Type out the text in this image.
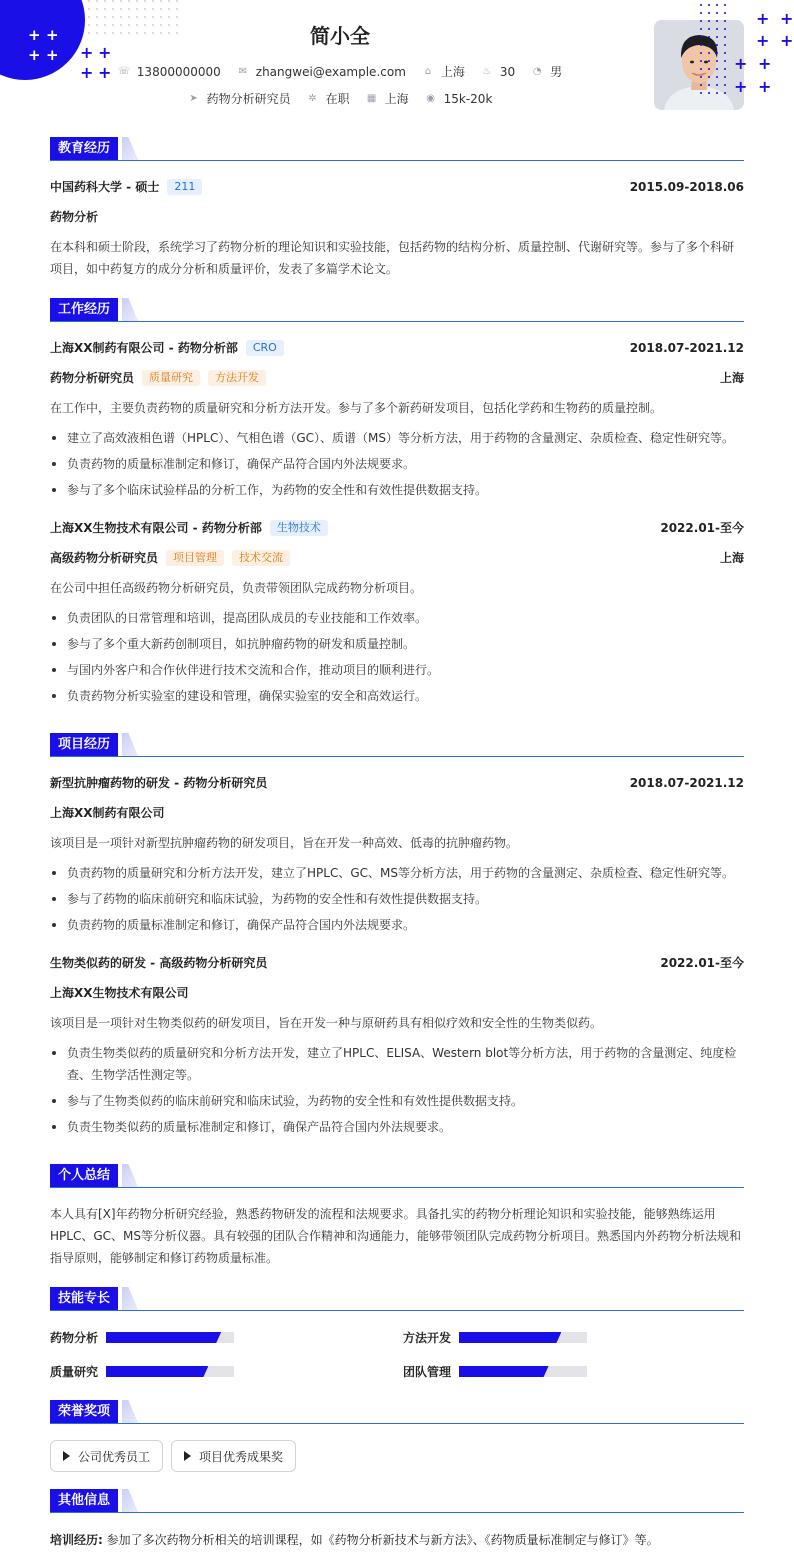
+ +
+ + + +
+ +
简小全
☏ 13800000000 ✉ zhangwei@example.com ⌂ 上海 ♨ 30 ◔ 男
➤ 药物分析研究员 ✲ 在职 ▦ 上海 ◉ 15k-20k
+ +
+ +
+ +
+ +
教育经历
中国药科大学 - 硕士 211	2015.09-2018.06
药物分析
在本科和硕士阶段，系统学习了药物分析的理论知识和实验技能，包括药物的结构分析、质量控制、代谢研究等。参与了多个科研项目，如中药复方的成分分析和质量评价，发表了多篇学术论文。
工作经历
上海XX制药有限公司 - 药物分析部 CRO	2018.07-2021.12
药物分析研究员 质量研究 方法开发	上海
在工作中，主要负责药物的质量研究和分析方法开发。参与了多个新药研发项目，包括化学药和生物药的质量控制。
建立了高效液相色谱（HPLC）、气相色谱（GC）、质谱（MS）等分析方法，用于药物的含量测定、杂质检查、稳定性研究等。
负责药物的质量标准制定和修订，确保产品符合国内外法规要求。
参与了多个临床试验样品的分析工作，为药物的安全性和有效性提供数据支持。
上海XX生物技术有限公司 - 药物分析部 生物技术	2022.01-至今
高级药物分析研究员 项目管理 技术交流	上海
在公司中担任高级药物分析研究员，负责带领团队完成药物分析项目。
负责团队的日常管理和培训，提高团队成员的专业技能和工作效率。
参与了多个重大新药创制项目，如抗肿瘤药物的研发和质量控制。
与国内外客户和合作伙伴进行技术交流和合作，推动项目的顺利进行。
负责药物分析实验室的建设和管理，确保实验室的安全和高效运行。
项目经历
新型抗肿瘤药物的研发 - 药物分析研究员	2018.07-2021.12
上海XX制药有限公司
该项目是一项针对新型抗肿瘤药物的研发项目，旨在开发一种高效、低毒的抗肿瘤药物。
负责药物的质量研究和分析方法开发，建立了HPLC、GC、MS等分析方法，用于药物的含量测定、杂质检查、稳定性研究等。
参与了药物的临床前研究和临床试验，为药物的安全性和有效性提供数据支持。
负责药物的质量标准制定和修订，确保产品符合国内外法规要求。
生物类似药的研发 - 高级药物分析研究员	2022.01-至今
上海XX生物技术有限公司
该项目是一项针对生物类似药的研发项目，旨在开发一种与原研药具有相似疗效和安全性的生物类似药。
负责生物类似药的质量研究和分析方法开发，建立了HPLC、ELISA、Western blot等分析方法，用于药物的含量测定、纯度检查、生物学活性测定等。
参与了生物类似药的临床前研究和临床试验，为药物的安全性和有效性提供数据支持。
负责生物类似药的质量标准制定和修订，确保产品符合国内外法规要求。
个人总结
本人具有[X]年药物分析研究经验，熟悉药物研发的流程和法规要求。具备扎实的药物分析理论知识和实验技能，能够熟练运用HPLC、GC、MS等分析仪器。具有较强的团队合作精神和沟通能力，能够带领团队完成药物分析项目。熟悉国内外药物分析法规和指导原则，能够制定和修订药物质量标准。
技能专长
药物分析	方法开发
质量研究	团队管理
荣誉奖项
公司优秀员工	项目优秀成果奖
其他信息
培训经历: 参加了多次药物分析相关的培训课程，如《药物分析新技术与新方法》、《药物质量标准制定与修订》等。
